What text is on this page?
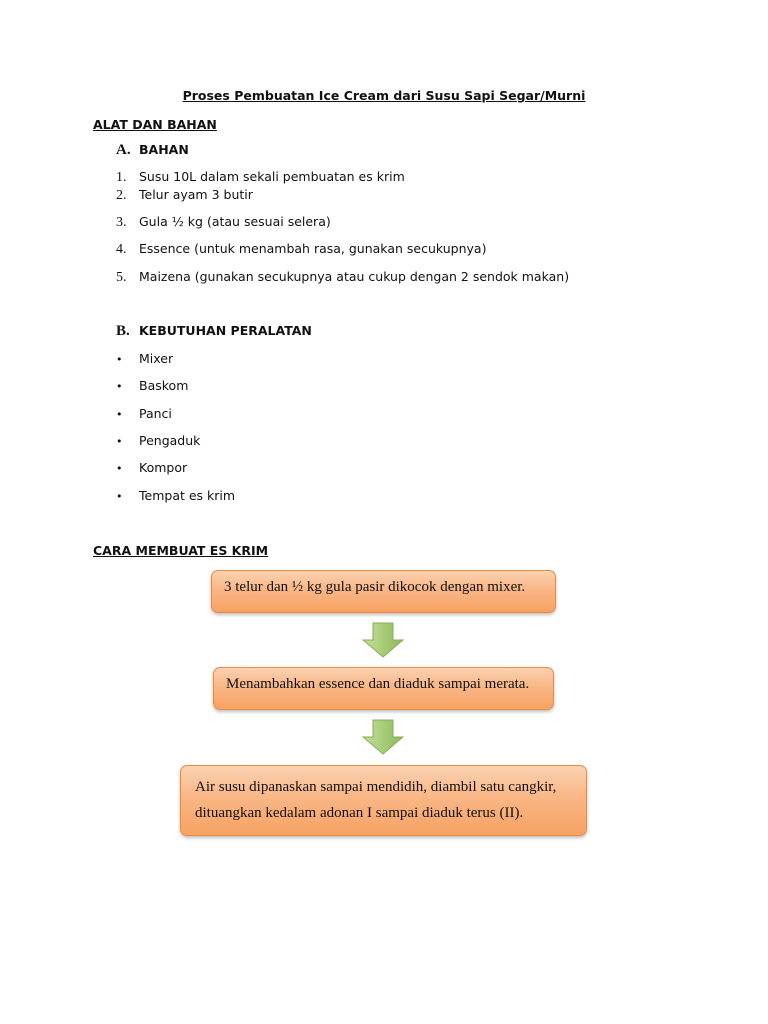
Proses Pembuatan Ice Cream dari Susu Sapi Segar/Murni
ALAT DAN BAHAN
A. BAHAN
1. Susu 10L dalam sekali pembuatan es krim
2. Telur ayam 3 butir
3. Gula ½ kg (atau sesuai selera)
4. Essence (untuk menambah rasa, gunakan secukupnya)
5. Maizena (gunakan secukupnya atau cukup dengan 2 sendok makan)
B. KEBUTUHAN PERALATAN
• Mixer
• Baskom
• Panci
• Pengaduk
• Kompor
• Tempat es krim
CARA MEMBUAT ES KRIM
3 telur dan ½ kg gula pasir dikocok dengan mixer.
Menambahkan essence dan diaduk sampai merata.
Air susu dipanaskan sampai mendidih, diambil satu cangkir,
dituangkan kedalam adonan I sampai diaduk terus (II).
